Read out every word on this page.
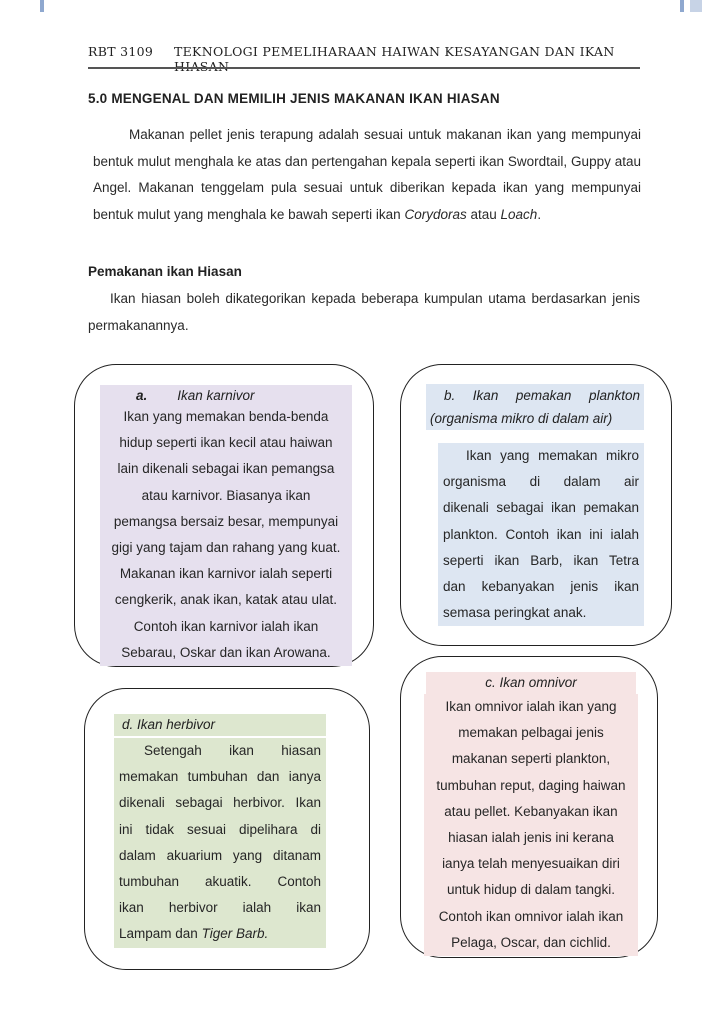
RBT 3109 TEKNOLOGI PEMELIHARAAN HAIWAN KESAYANGAN DAN IKAN HIASAN
5.0 MENGENAL DAN MEMILIH JENIS MAKANAN IKAN HIASAN

Makanan pellet jenis terapung adalah sesuai untuk makanan ikan yang mempunyai bentuk mulut menghala ke atas dan pertengahan kepala seperti ikan Swordtail, Guppy atau Angel. Makanan tenggelam pula sesuai untuk diberikan kepada ikan yang mempunyai bentuk mulut yang menghala ke bawah seperti ikan Corydoras atau Loach.

Pemakanan ikan Hiasan

Ikan hiasan boleh dikategorikan kepada beberapa kumpulan utama berdasarkan jenis permakanannya.

a. Ikan karnivor
Ikan yang memakan benda-benda
hidup seperti ikan kecil atau haiwan
lain dikenali sebagai ikan pemangsa
atau karnivor. Biasanya ikan
pemangsa bersaiz besar, mempunyai
gigi yang tajam dan rahang yang kuat.
Makanan ikan karnivor ialah seperti
cengkerik, anak ikan, katak atau ulat.
Contoh ikan karnivor ialah ikan
Sebarau, Oskar dan ikan Arowana.
b. Ikan pemakan plankton
(organisma mikro di dalam air)
Ikan yang memakan mikro
organisma di dalam air
dikenali sebagai ikan pemakan
plankton. Contoh ikan ini ialah
seperti ikan Barb, ikan Tetra
dan kebanyakan jenis ikan
semasa peringkat anak.
c. Ikan omnivor
Ikan omnivor ialah ikan yang
memakan pelbagai jenis
makanan seperti plankton,
tumbuhan reput, daging haiwan
atau pellet. Kebanyakan ikan
hiasan ialah jenis ini kerana
ianya telah menyesuaikan diri
untuk hidup di dalam tangki.
Contoh ikan omnivor ialah ikan
Pelaga, Oscar, dan cichlid.
d. Ikan herbivor
Setengah ikan hiasan
memakan tumbuhan dan ianya
dikenali sebagai herbivor. Ikan
ini tidak sesuai dipelihara di
dalam akuarium yang ditanam
tumbuhan akuatik. Contoh
ikan herbivor ialah ikan
Lampam dan Tiger Barb.
